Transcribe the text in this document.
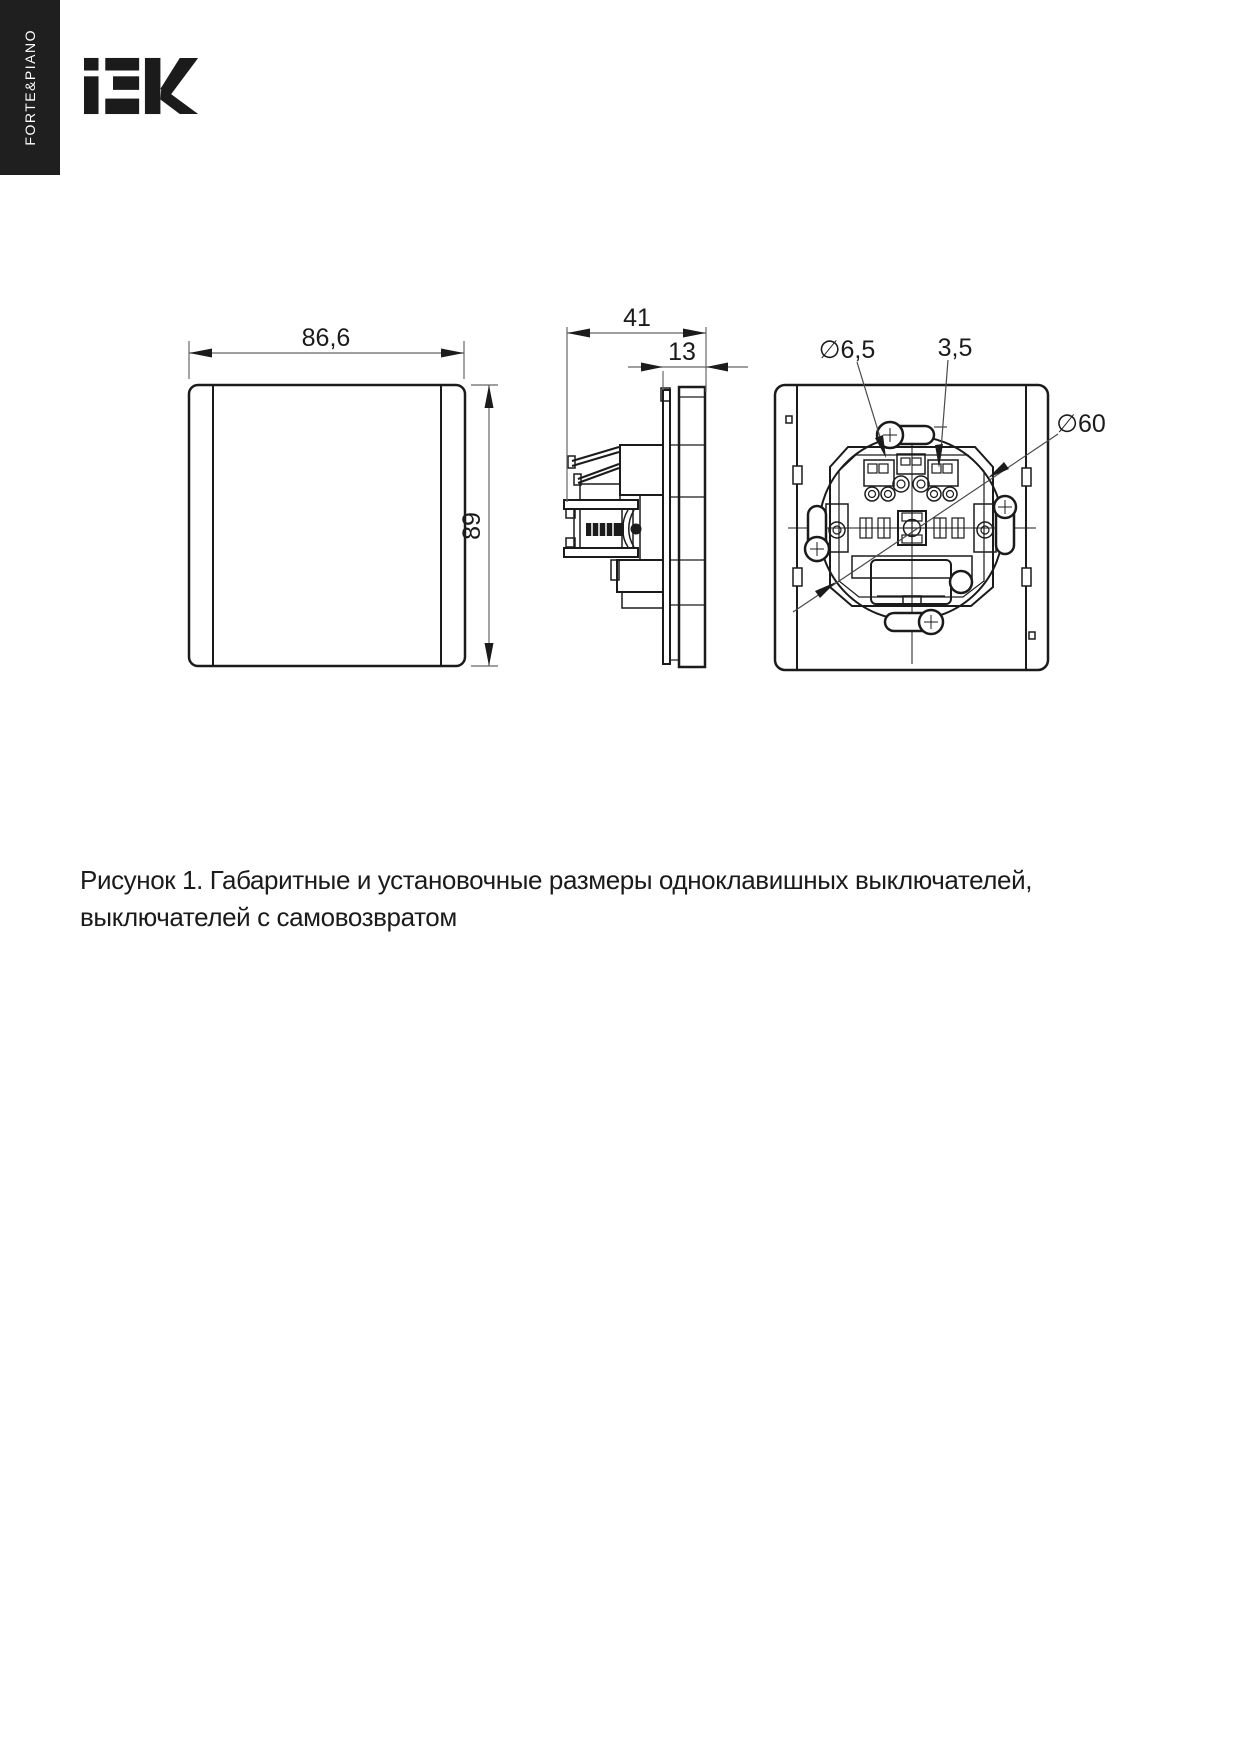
FORTE&PIANO
86,6
89
41
13	∅6,5 3,5
∅60
Рисунок 1. Габаритные и установочные размеры одноклавишных выключателей,
выключателей с самовозвратом
